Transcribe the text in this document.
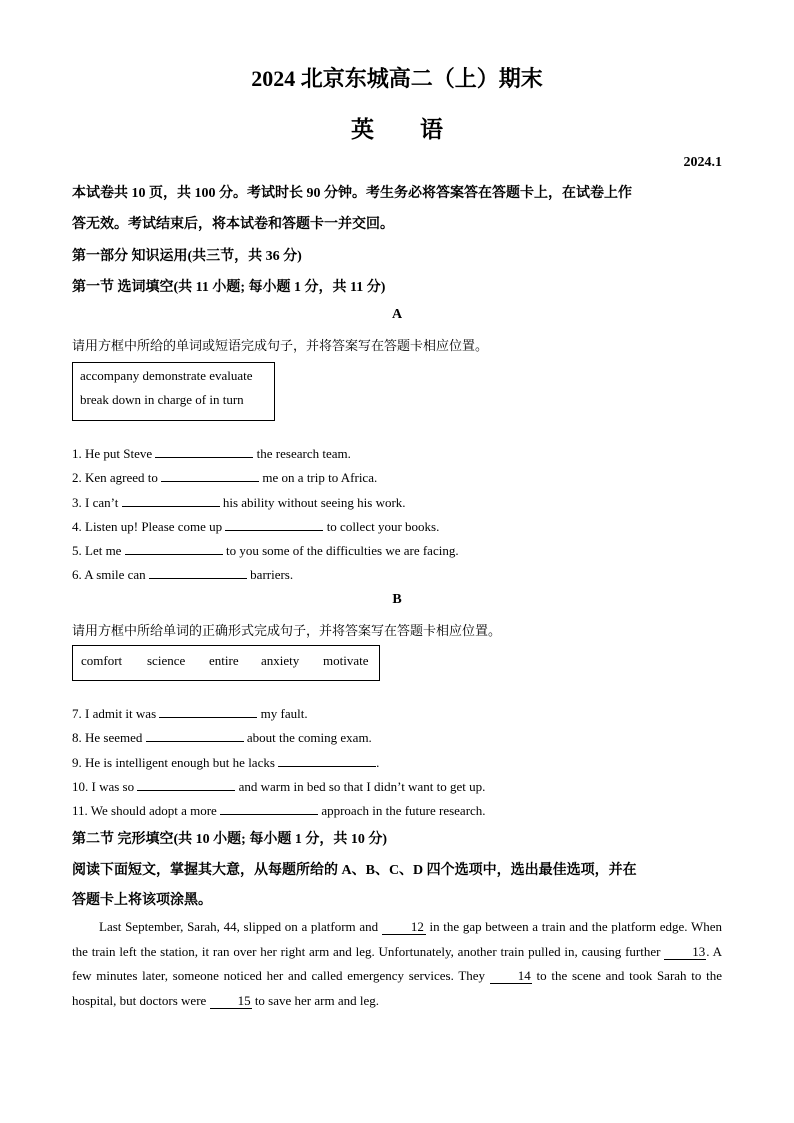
2024 北京东城高二（上）期末
英　　语
2024.1
本试卷共 10 页，共 100 分。考试时长 90 分钟。考生务必将答案答在答题卡上，在试卷上作
答无效。考试结束后，将本试卷和答题卡一并交回。
第一部分 知识运用(共三节，共 36 分)
第一节 选词填空(共 11 小题; 每小题 1 分，共 11 分)
A
请用方框中所给的单词或短语完成句子，并将答案写在答题卡相应位置。
accompany demonstrate evaluate
break down in charge of in turn
1. He put Steve	the research team.
2. Ken agreed to	me on a trip to Africa.
3. I can’t	his ability without seeing his work.
4. Listen up! Please come up	to collect your books.
5. Let me	to you some of the difficulties we are facing.
6. A smile can	barriers.
B
请用方框中所给单词的正确形式完成句子，并将答案写在答题卡相应位置。
comfort science entire anxiety motivate
7. I admit it was	my fault.
8. He seemed	about the coming exam.
9. He is intelligent enough but he lacks	.
10. I was so	and warm in bed so that I didn’t want to get up.
11. We should adopt a more	approach in the future research.
第二节 完形填空(共 10 小题; 每小题 1 分，共 10 分)
阅读下面短文，掌握其大意，从每题所给的 A、B、C、D 四个选项中，选出最佳选项，并在
答题卡上将该项涂黑。

Last September, Sarah, 44, slipped on a platform and 12 in the gap between a train and the platform edge. When the train left the station, it ran over her right arm and leg. Unfortunately, another train pulled in, causing further 13. A few minutes later, someone noticed her and called emergency services. They 14 to the scene and took Sarah to the hospital, but doctors were 15 to save her arm and leg.
